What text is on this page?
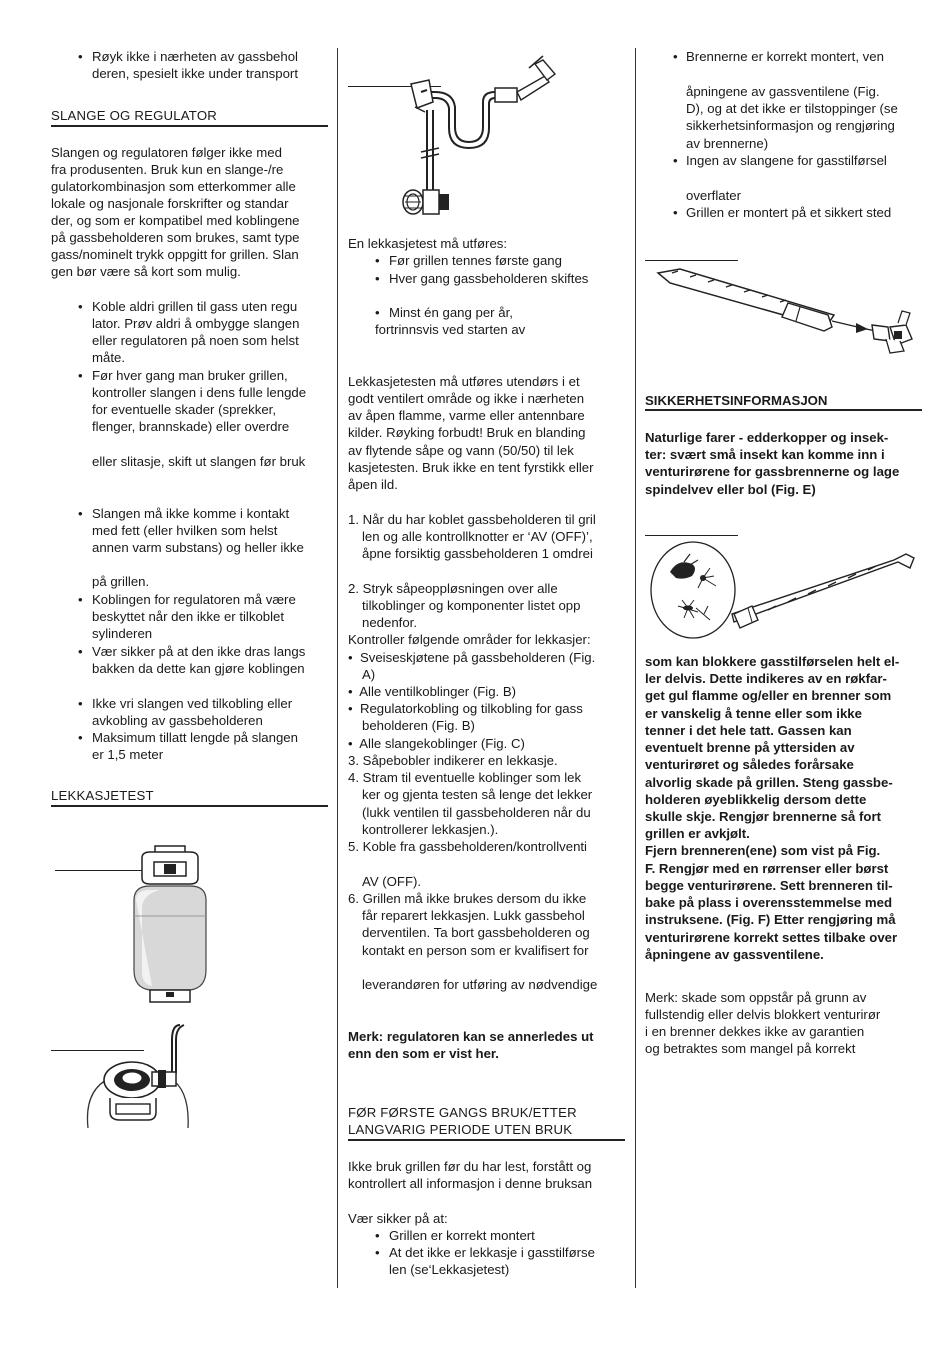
• Røyk ikke i nærheten av gassbehol
deren, spesielt ikke under transport
SLANGE OG REGULATOR
Slangen og regulatoren følger ikke med
fra produsenten. Bruk kun en slange-/re
gulatorkombinasjon som etterkommer alle
lokale og nasjonale forskrifter og standar
der, og som er kompatibel med koblingene
på gassbeholderen som brukes, samt type
gass/nominelt trykk oppgitt for grillen. Slan
gen bør være så kort som mulig.
• Koble aldri grillen til gass uten regu
lator. Prøv aldri å ombygge slangen
eller regulatoren på noen som helst
måte.
• Før hver gang man bruker grillen,
kontroller slangen i dens fulle lengde
for eventuelle skader (sprekker,
flenger, brannskade) eller overdre
eller slitasje, skift ut slangen før bruk
• Slangen må ikke komme i kontakt
med fett (eller hvilken som helst
annen varm substans) og heller ikke
på grillen.
• Koblingen for regulatoren må være
beskyttet når den ikke er tilkoblet
sylinderen
• Vær sikker på at den ikke dras langs
bakken da dette kan gjøre koblingen
• Ikke vri slangen ved tilkobling eller
avkobling av gassbeholderen
• Maksimum tillatt lengde på slangen
er 1,5 meter
LEKKASJETEST
En lekkasjetest må utføres:
• Før grillen tennes første gang
• Hver gang gassbeholderen skiftes
• Minst én gang per år,
fortrinnsvis ved starten av
Lekkasjetesten må utføres utendørs i et
godt ventilert område og ikke i nærheten
av åpen flamme, varme eller antennbare
kilder. Røyking forbudt! Bruk en blanding
av flytende såpe og vann (50/50) til lek
kasjetesten. Bruk ikke en tent fyrstikk eller
åpen ild.
1. Når du har koblet gassbeholderen til gril
len og alle kontrollknotter er ‘AV (OFF)’,
åpne forsiktig gassbeholderen 1 omdrei
2. Stryk såpeoppløsningen over alle
tilkoblinger og komponenter listet opp
nedenfor.
Kontroller følgende områder for lekkasjer:
•  Sveiseskjøtene på gassbeholderen (Fig.
A)
•  Alle ventilkoblinger (Fig. B)
•  Regulatorkobling og tilkobling for gass
beholderen (Fig. B)
•  Alle slangekoblinger (Fig. C)
3. Såpebobler indikerer en lekkasje.
4. Stram til eventuelle koblinger som lek
ker og gjenta testen så lenge det lekker
(lukk ventilen til gassbeholderen når du
kontrollerer lekkasjen.).
5. Koble fra gassbeholderen/kontrollventi
AV (OFF).
6. Grillen må ikke brukes dersom du ikke
får reparert lekkasjen. Lukk gassbehol
derventilen. Ta bort gassbeholderen og
kontakt en person som er kvalifisert for
leverandøren for utføring av nødvendige
Merk: regulatoren kan se annerledes ut
enn den som er vist her.
FØR FØRSTE GANGS BRUK/ETTER
LANGVARIG PERIODE UTEN BRUK
Ikke bruk grillen før du har lest, forstått og
kontrollert all informasjon i denne bruksan
Vær sikker på at:
• Grillen er korrekt montert
• At det ikke er lekkasje i gasstilførse
len (se‘Lekkasjetest)
• Brennerne er korrekt montert, ven
åpningene av gassventilene (Fig.
D), og at det ikke er tilstoppinger (se
sikkerhetsinformasjon og rengjøring
av brennerne)
• Ingen av slangene for gasstilførsel
overflater
• Grillen er montert på et sikkert sted
SIKKERHETSINFORMASJON
Naturlige farer - edderkopper og insek-
ter: svært små insekt kan komme inn i
venturirørene for gassbrennerne og lage
spindelvev eller bol (Fig. E)
som kan blokkere gasstilførselen helt el-
ler delvis. Dette indikeres av en røkfar-
get gul flamme og/eller en brenner som
er vanskelig å tenne eller som ikke
tenner i det hele tatt. Gassen kan
eventuelt brenne på yttersiden av
venturirøret og således forårsake
alvorlig skade på grillen. Steng gassbe-
holderen øyeblikkelig dersom dette
skulle skje. Rengjør brennerne så fort
grillen er avkjølt.
Fjern brenneren(ene) som vist på Fig.
F. Rengjør med en rørrenser eller børst
begge venturirørene. Sett brenneren til-
bake på plass i overensstemmelse med
instruksene. (Fig. F) Etter rengjøring må
venturirørene korrekt settes tilbake over
åpningene av gassventilene.
Merk: skade som oppstår på grunn av
fullstendig eller delvis blokkert venturirør
i en brenner dekkes ikke av garantien
og betraktes som mangel på korrekt
